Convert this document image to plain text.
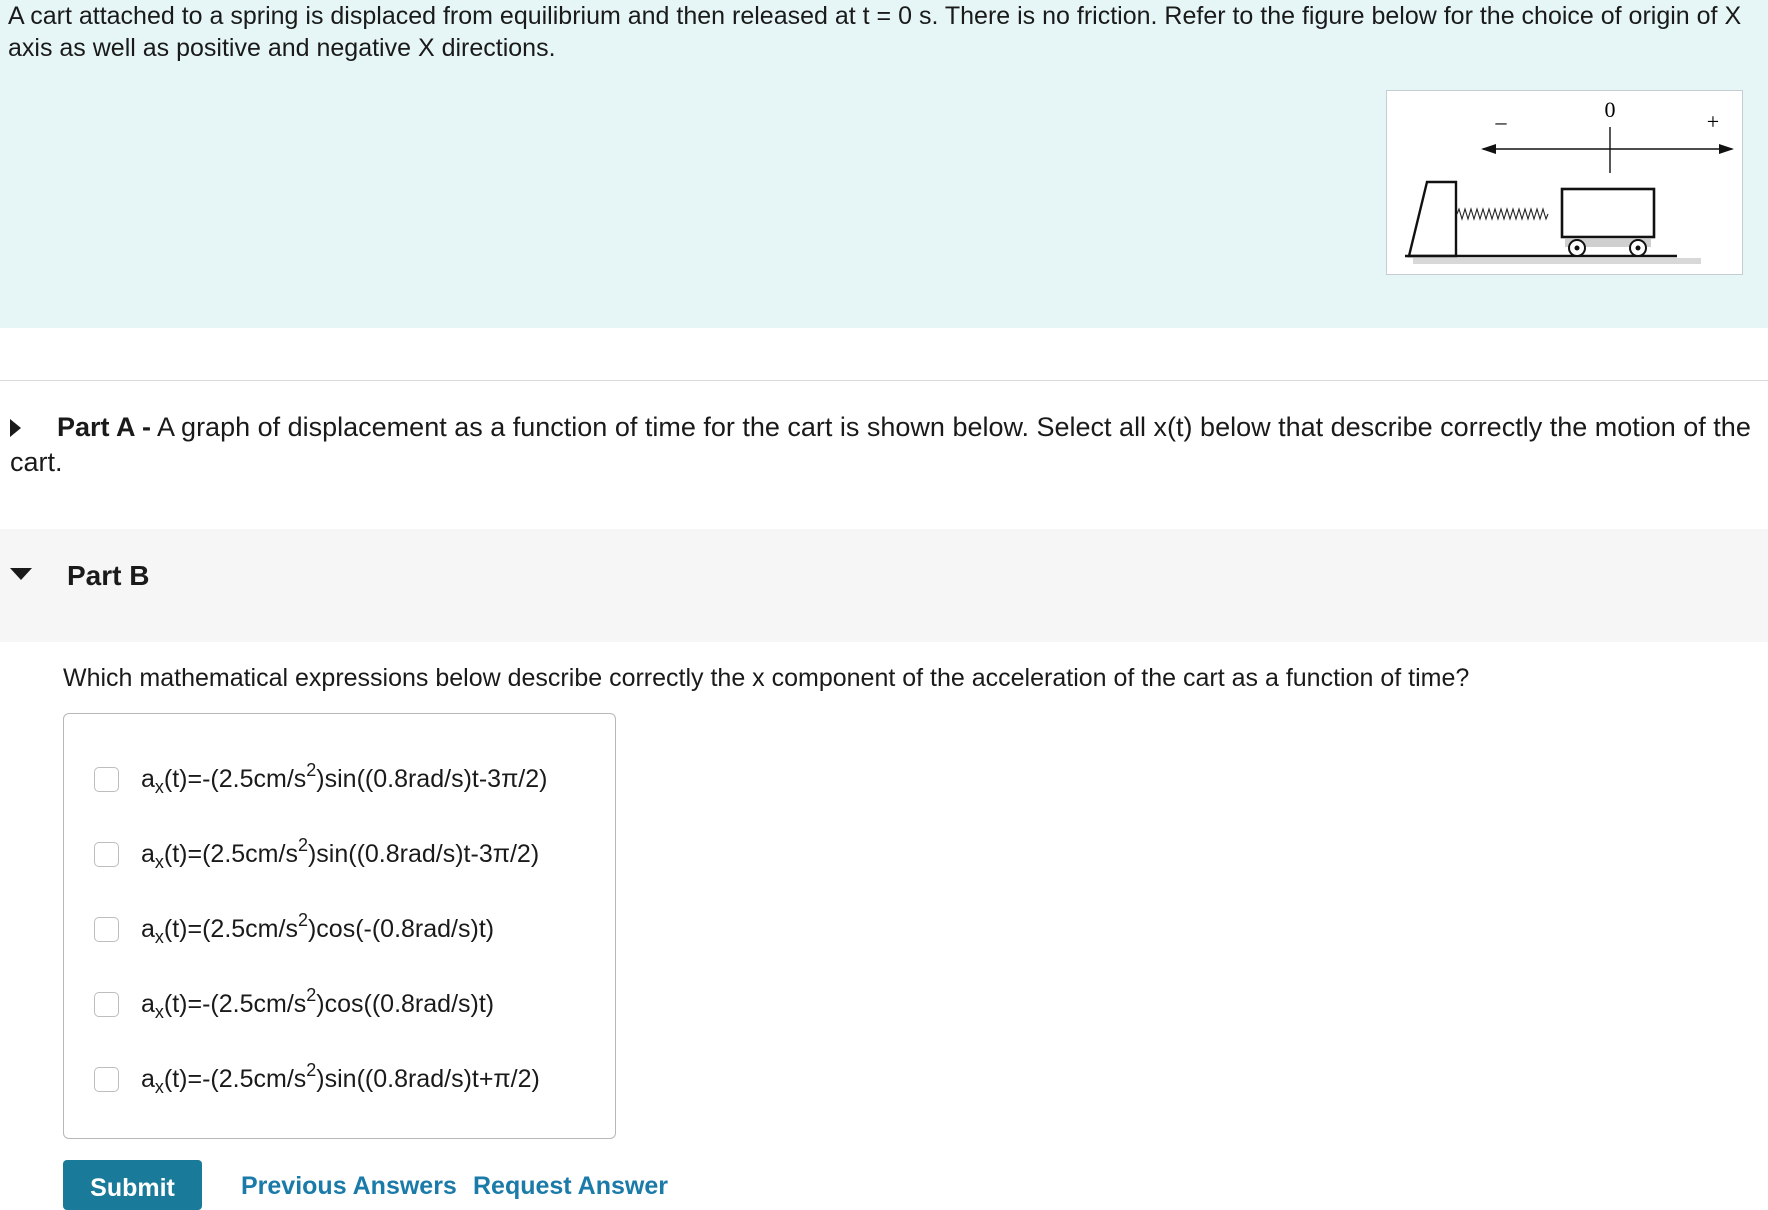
A cart attached to a spring is displaced from equilibrium and then released at t = 0 s. There is no friction. Refer to the figure below for the choice of origin of X axis as well as positive and negative X directions.

–	0	+
Part A - A graph of displacement as a function of time for the cart is shown below. Select all x(t) below that describe correctly the motion of the cart.
Part B

Which mathematical expressions below describe correctly the x component of the acceleration of the cart as a function of time?

$a_x(t)=-(2.5cm/s^2)\sin((0.8rad/s)t-3\pi/2)$
$a_x(t)=(2.5cm/s^2)\sin((0.8rad/s)t-3\pi/2)$
$a_x(t)=(2.5cm/s^2)\cos(-(0.8rad/s)t)$
$a_x(t)=-(2.5cm/s^2)\cos((0.8rad/s)t)$
$a_x(t)=-(2.5cm/s^2)\sin((0.8rad/s)t+\pi/2)$
Submit	Previous Answers Request Answer
